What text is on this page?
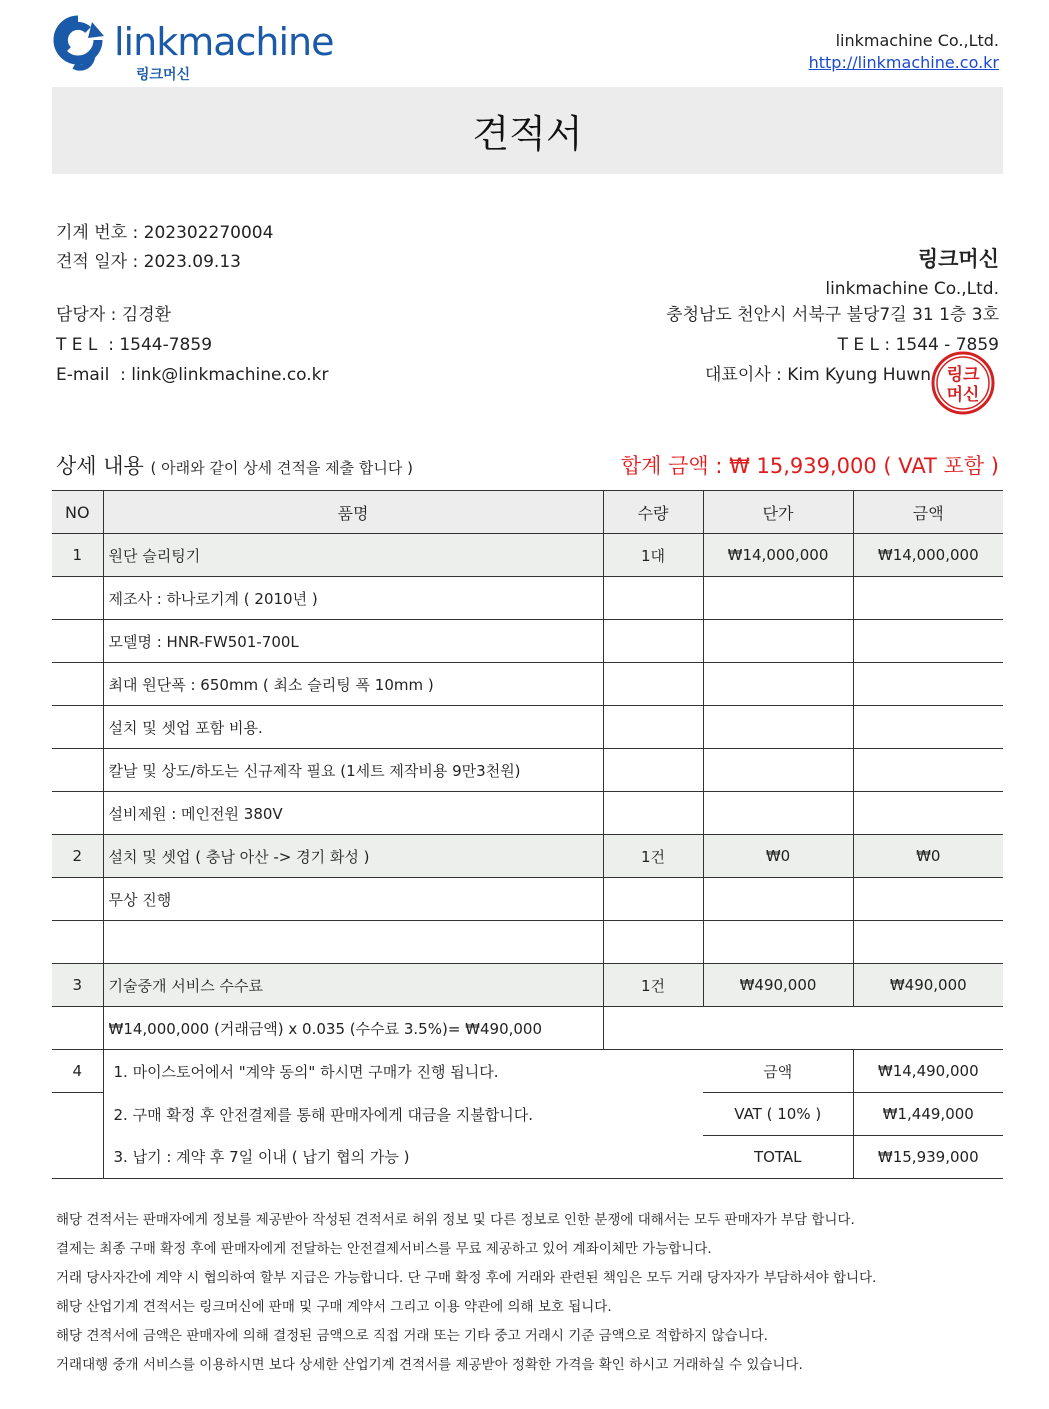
linkmachine
링크머신
linkmachine Co.,Ltd.
http://linkmachine.co.kr
견적서
기계 번호 : 202302270004
견적 일자 : 2023.09.13
담당자 : 김경환
T E L  : 1544-7859
E-mail  : link@linkmachine.co.kr
링크머신
linkmachine Co.,Ltd.
충청남도 천안시 서북구 불당7길 31 1층 3호
T E L : 1544 - 7859
대표이사 : Kim Kyung Huwn 링크
머신
상세 내용 ( 아래와 같이 상세 견적을 제출 합니다 )	합계 금액 : ₩ 15,939,000 ( VAT 포함 )
NO	품명	수량	단가	금액
1	원단 슬리팅기	1대	₩14,000,000	₩14,000,000
	제조사 : 하나로기계 ( 2010년 )			
	모델명 : HNR-FW501-700L			
	최대 원단폭 : 650mm ( 최소 슬리팅 폭 10mm )			
	설치 및 셋업 포함 비용.			
	칼날 및 상도/하도는 신규제작 필요 (1세트 제작비용 9만3천원)			
	설비제원 : 메인전원 380V			
2	설치 및 셋업 ( 충남 아산 -> 경기 화성 )	1건	₩0	₩0
	무상 진행			

3	기술중개 서비스 수수료	1건	₩490,000	₩490,000
	₩14,000,000 (거래금액) x 0.035 (수수료 3.5%)= ₩490,000			
4	1. 마이스토어에서 "계약 동의" 하시면 구매가 진행 됩니다.		금액	₩14,490,000
	2. 구매 확정 후 안전결제를 통해 판매자에게 대금을 지불합니다.		VAT ( 10% )	₩1,449,000
	3. 납기 : 계약 후 7일 이내 ( 납기 협의 가능 )		TOTAL	₩15,939,000
해당 견적서는 판매자에게 정보를 제공받아 작성된 견적서로 허위 정보 및 다른 정보로 인한 분쟁에 대해서는 모두 판매자가 부담 합니다.
결제는 최종 구매 확정 후에 판매자에게 전달하는 안전결제서비스를 무료 제공하고 있어 계좌이체만 가능합니다.
거래 당사자간에 계약 시 협의하여 할부 지급은 가능합니다. 단 구매 확정 후에 거래와 관련된 책임은 모두 거래 당자자가 부담하셔야 합니다.
해당 산업기계 견적서는 링크머신에 판매 및 구매 계약서 그리고 이용 약관에 의해 보호 됩니다.
해당 견적서에 금액은 판매자에 의해 결정된 금액으로 직접 거래 또는 기타 중고 거래시 기준 금액으로 적합하지 않습니다.
거래대행 중개 서비스를 이용하시면 보다 상세한 산업기계 견적서를 제공받아 정확한 가격을 확인 하시고 거래하실 수 있습니다.
